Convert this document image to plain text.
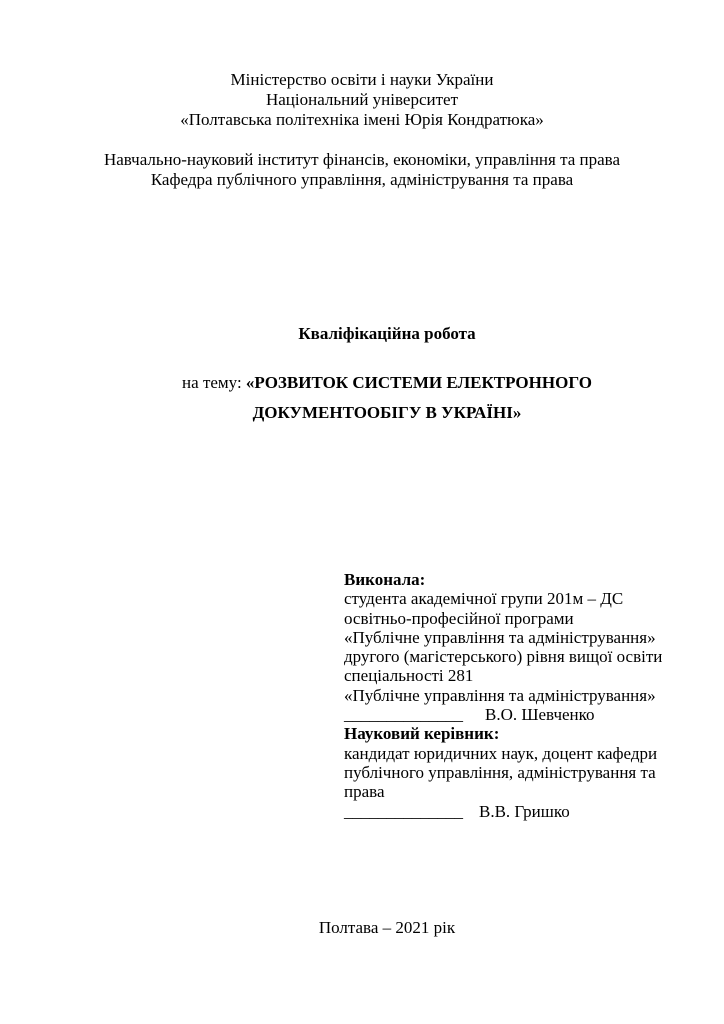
Міністерство освіти і науки України
Національний університет
«Полтавська політехніка імені Юрія Кондратюка»
Навчально-науковий інститут фінансів, економіки, управління та права
Кафедра публічного управління, адміністрування та права
Кваліфікаційна робота
на тему: «РОЗВИТОК СИСТЕМИ ЕЛЕКТРОННОГО
ДОКУМЕНТООБІГУ В УКРАЇНІ»
Виконала:
студента академічної групи 201м – ДС
освітньо-професійної програми
«Публічне управління та адміністрування»
другого (магістерського) рівня вищої освіти
спеціальності 281
«Публічне управління та адміністрування»
______________ В.О. Шевченко
Науковий керівник:
кандидат юридичних наук, доцент кафедри
публічного управління, адміністрування та
права
______________ В.В. Гришко
Полтава – 2021 рік
